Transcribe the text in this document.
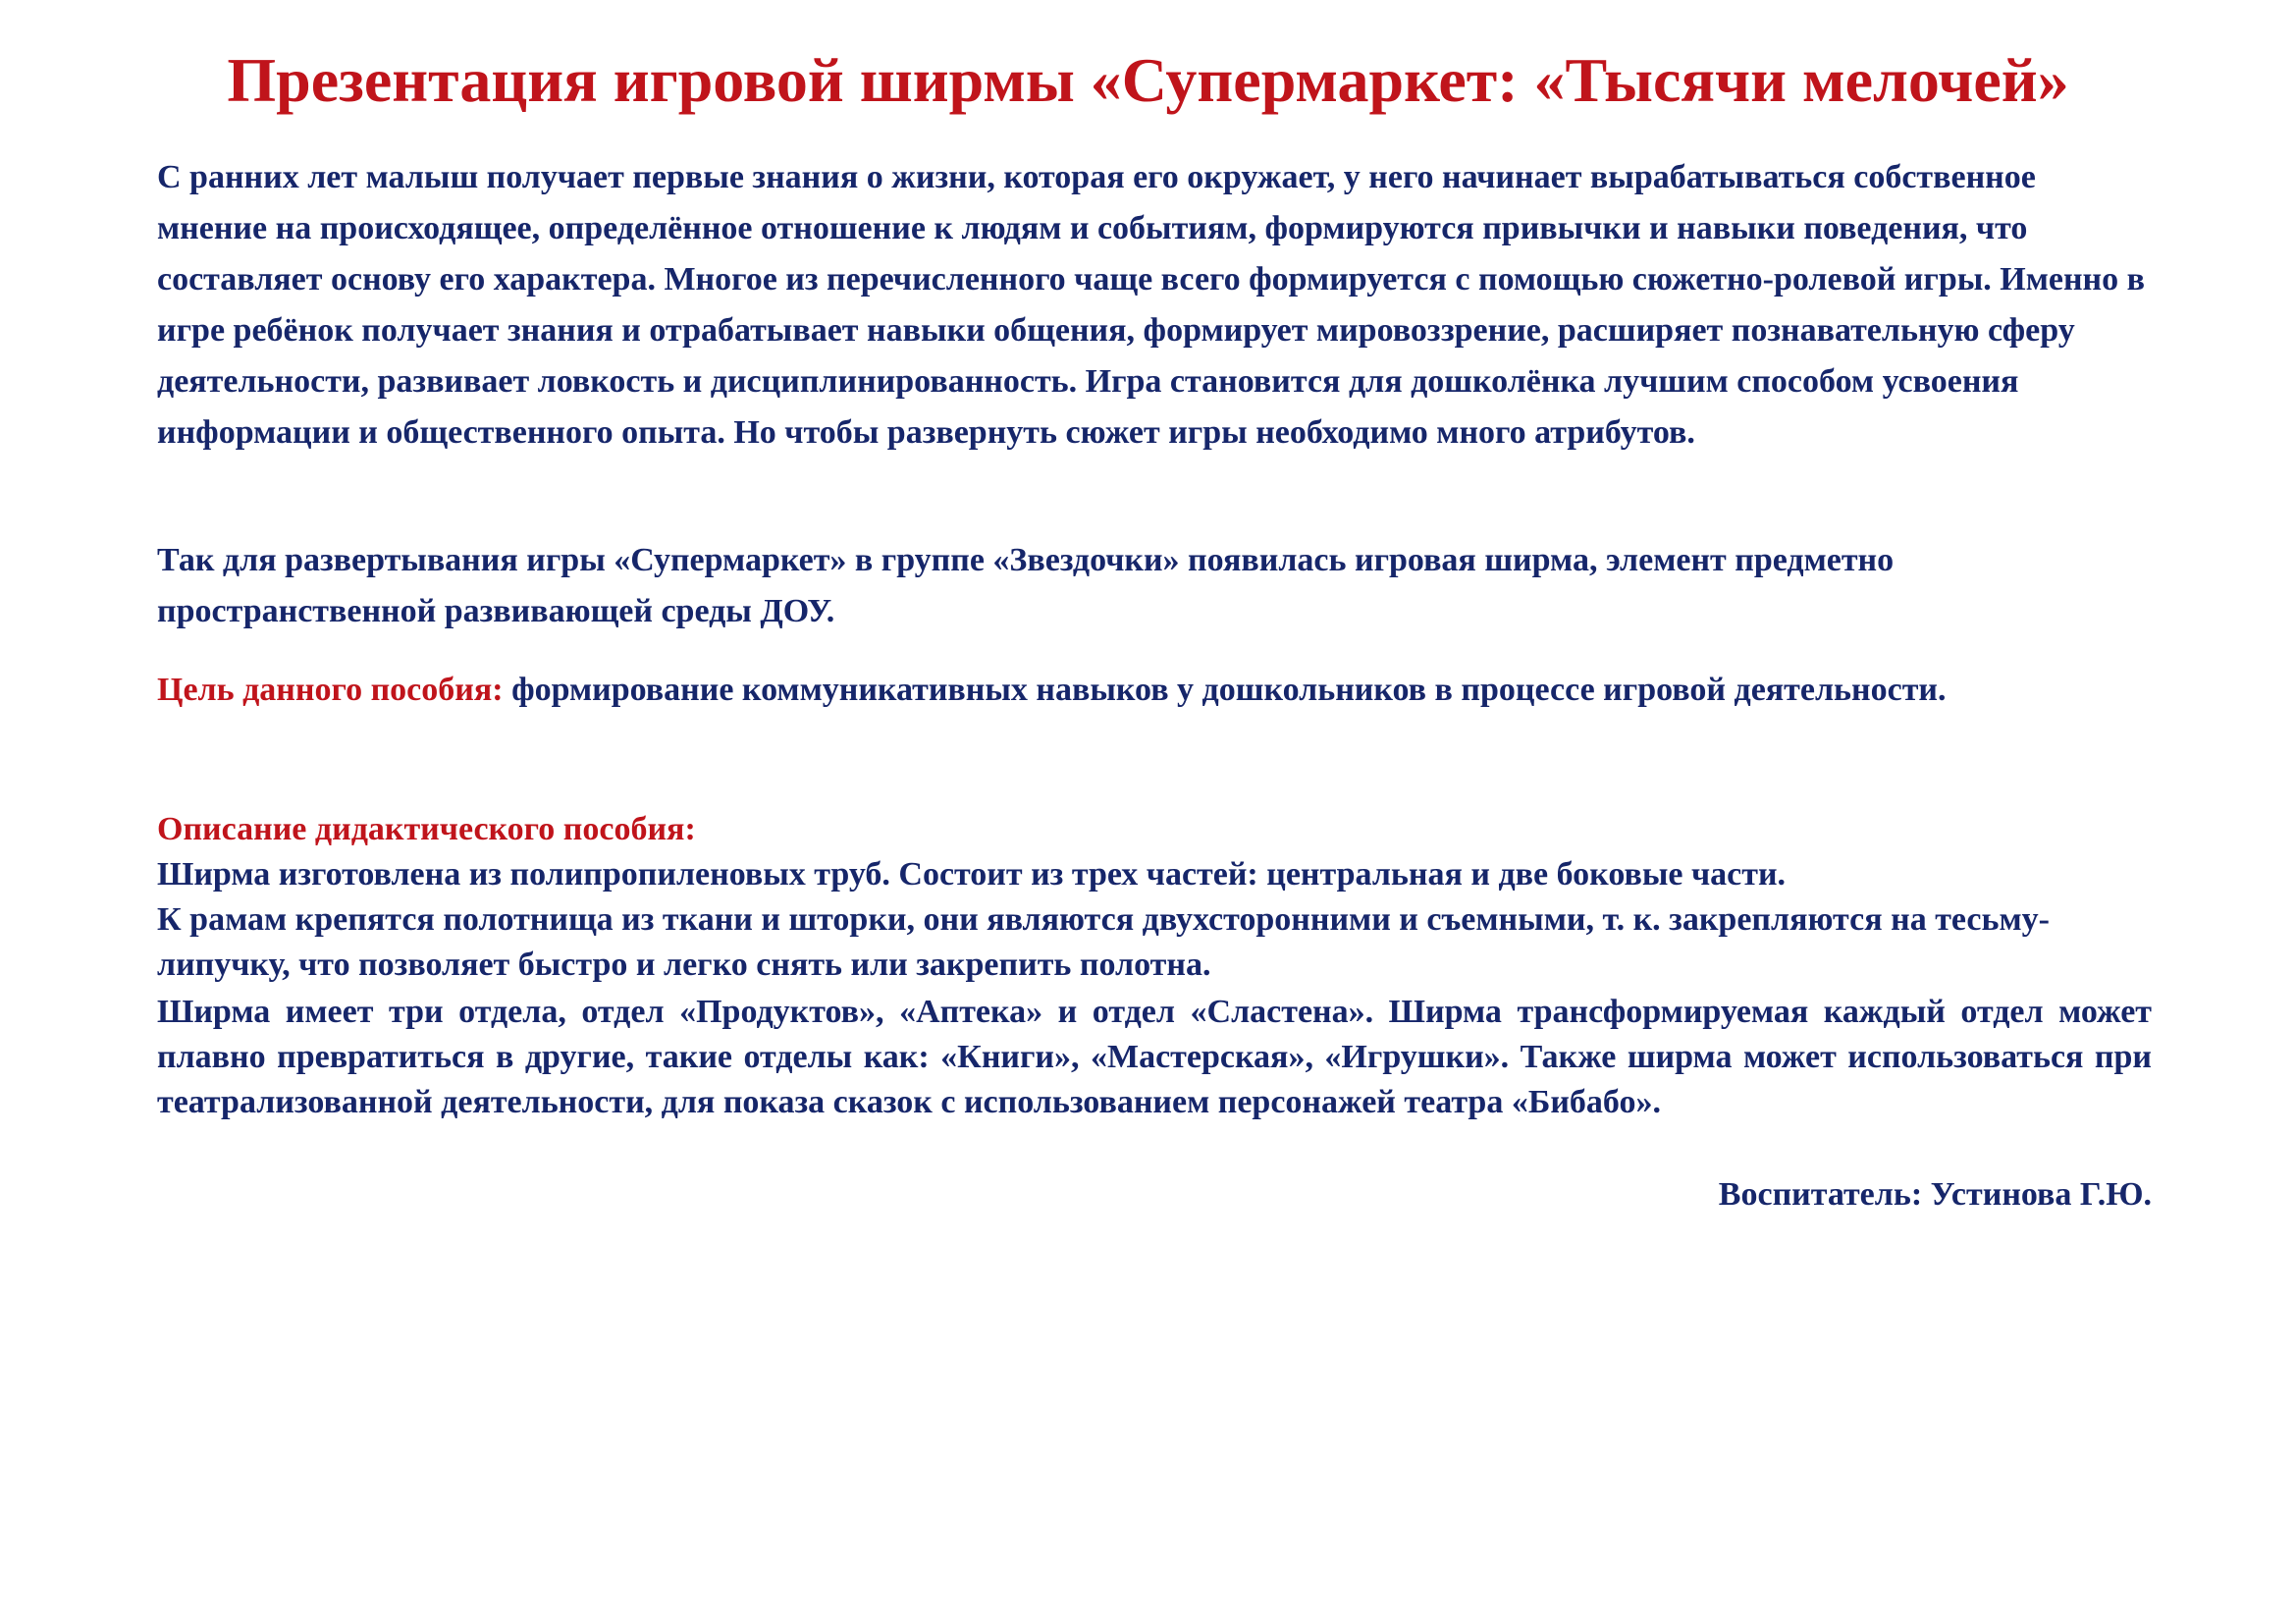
Презентация игровой ширмы «Супермаркет: «Тысячи мелочей»

С ранних лет малыш получает первые знания о жизни, которая его окружает, у него начинает вырабатываться собственное мнение на происходящее, определённое отношение к людям и событиям, формируются привычки и навыки поведения, что составляет основу его характера. Многое из перечисленного чаще всего формируется с помощью сюжетно-ролевой игры. Именно в игре ребёнок получает знания и отрабатывает навыки общения, формирует мировоззрение, расширяет познавательную сферу деятельности, развивает ловкость и дисциплинированность. Игра становится для дошколёнка лучшим способом усвоения информации и общественного опыта. Но чтобы развернуть сюжет игры необходимо много атрибутов.

Так для развертывания игры «Супермаркет» в группе «Звездочки» появилась игровая ширма, элемент предметно пространственной развивающей среды ДОУ.

Цель данного пособия: формирование коммуникативных навыков у дошкольников в процессе игровой деятельности.

Описание дидактического пособия:

Ширма изготовлена из полипропиленовых труб. Состоит из трех частей: центральная и две боковые части.

К рамам крепятся полотнища из ткани и шторки, они являются двухсторонними и съемными, т. к. закрепляются на тесьму-липучку, что позволяет быстро и легко снять или закрепить полотна.

Ширма имеет три отдела, отдел «Продуктов», «Аптека» и отдел «Сластена». Ширма трансформируемая каждый отдел может плавно превратиться в другие, такие отделы как: «Книги», «Мастерская», «Игрушки». Также ширма может использоваться при театрализованной деятельности, для показа сказок с использованием персонажей театра «Бибабо».

Воспитатель: Устинова Г.Ю.
